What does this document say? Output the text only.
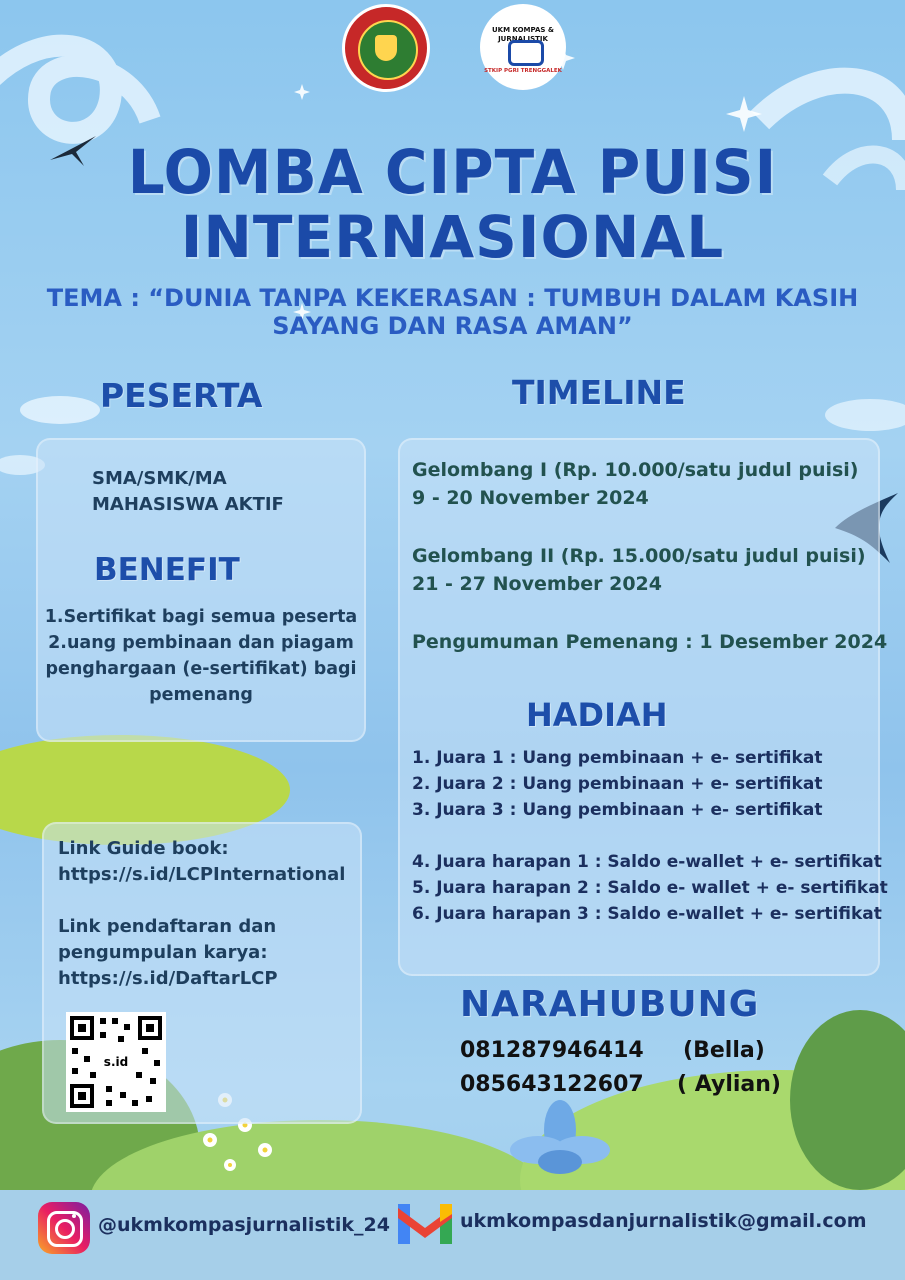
UKM KOMPAS & JURNALISTIK
STKIP PGRI TRENGGALEK
LOMBA CIPTA PUISI
INTERNASIONAL
TEMA : “DUNIA TANPA KEKERASAN : TUMBUH DALAM KASIH
SAYANG DAN RASA AMAN”
PESERTA	TIMELINE
SMA/SMK/MA
MAHASISWA AKTIF
BENEFIT
1.Sertifikat bagi semua peserta
2.uang pembinaan dan piagam
penghargaan (e-sertifikat) bagi
pemenang
Link Guide book:
https://s.id/LCPInternational
Link pendaftaran dan
pengumpulan karya:
https://s.id/DaftarLCP
s.id
Gelombang I (Rp. 10.000/satu judul puisi)
9 - 20 November 2024
Gelombang II (Rp. 15.000/satu judul puisi)
21 - 27 November 2024
Pengumuman Pemenang : 1 Desember 2024
HADIAH
1. Juara 1 : Uang pembinaan + e- sertifikat
2. Juara 2 : Uang pembinaan + e- sertifikat
3. Juara 3 : Uang pembinaan + e- sertifikat
4. Juara harapan 1 : Saldo e-wallet + e- sertifikat
5. Juara harapan 2 : Saldo e- wallet + e- sertifikat
6. Juara harapan 3 : Saldo e-wallet + e- sertifikat
NARAHUBUNG
081287946414 (Bella)
085643122607 ( Aylian)
@ukmkompasjurnalistik_24	ukmkompasdanjurnalistik@gmail.com
